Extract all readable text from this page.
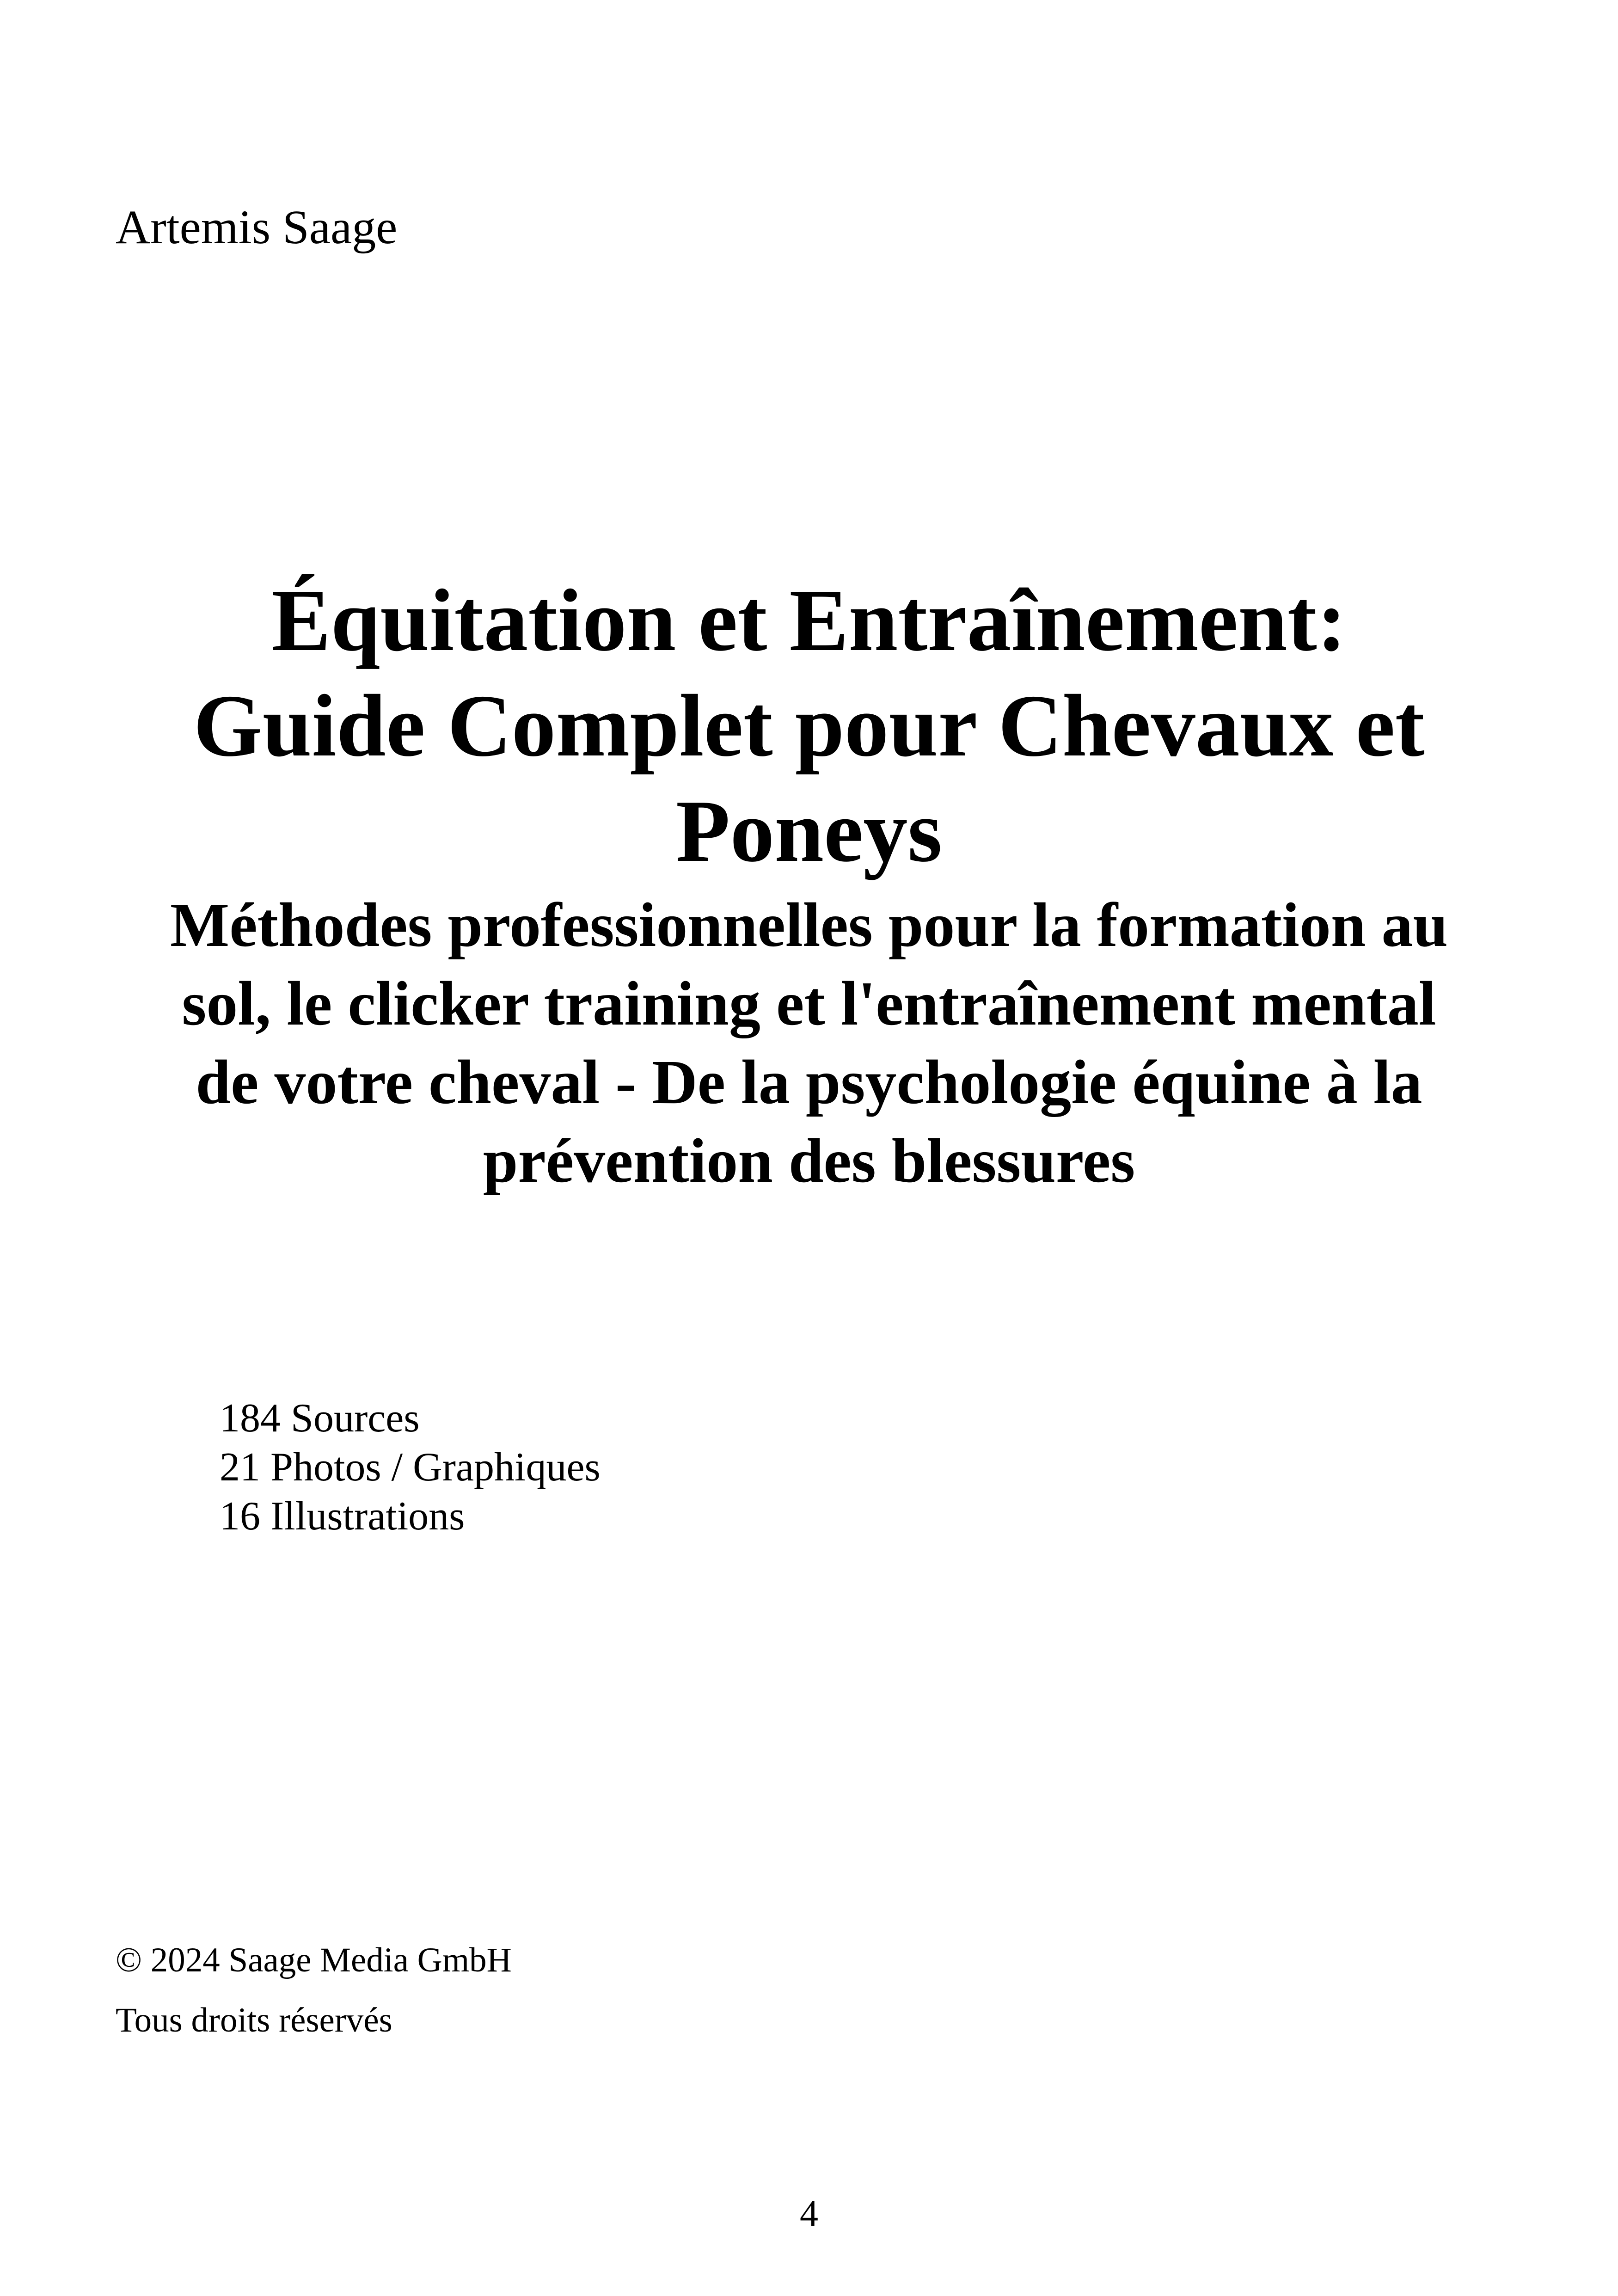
Artemis Saage
Équitation et Entraînement:
Guide Complet pour Chevaux et
Poneys
Méthodes professionnelles pour la formation au
sol, le clicker training et l'entraînement mental
de votre cheval - De la psychologie équine à la
prévention des blessures
184 Sources
21 Photos / Graphiques
16 Illustrations
© 2024 Saage Media GmbH
Tous droits réservés
4
